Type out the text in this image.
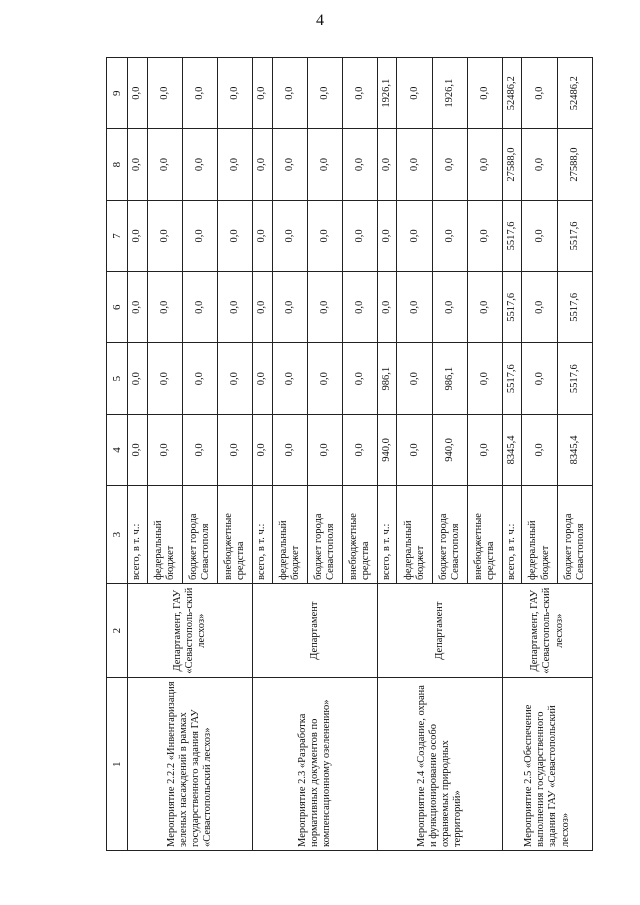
4
1	2	3	4	5	6	7	8	9
Мероприятие 2.2.2 «Инвентаризация зеленых насаждений в рамках государственного задания ГАУ «Севастопольский лесхоз»	Департамент, ГАУ «Севастополь-ский лесхоз»	всего, в т. ч.:	0,0	0,0	0,0	0,0	0,0	0,0
		федеральный бюджет	0,0	0,0	0,0	0,0	0,0	0,0
		бюджет города Севастополя	0,0	0,0	0,0	0,0	0,0	0,0
		внебюджетные средства	0,0	0,0	0,0	0,0	0,0	0,0
Мероприятие 2.3 «Разработка нормативных документов по компенсационному озеленению»	Департамент	всего, в т. ч.:	0,0	0,0	0,0	0,0	0,0	0,0
		федеральный бюджет	0,0	0,0	0,0	0,0	0,0	0,0
		бюджет города Севастополя	0,0	0,0	0,0	0,0	0,0	0,0
		внебюджетные средства	0,0	0,0	0,0	0,0	0,0	0,0
Мероприятие 2.4 «Создание, охрана и функционирование особо охраняемых природных территорий»	Департамент	всего, в т. ч.:	940,0	986,1	0,0	0,0	0,0	1926,1
		федеральный бюджет	0,0	0,0	0,0	0,0	0,0	0,0
		бюджет города Севастополя	940,0	986,1	0,0	0,0	0,0	1926,1
		внебюджетные средства	0,0	0,0	0,0	0,0	0,0	0,0
Мероприятие 2.5 «Обеспечение выполнения государственного задания ГАУ «Севастопольский лесхоз»	Департамент, ГАУ «Севастополь-ский лесхоз»	всего, в т. ч.:	8345,4	5517,6	5517,6	5517,6	27588,0	52486,2
		федеральный бюджет	0,0	0,0	0,0	0,0	0,0	0,0
		бюджет города Севастополя	8345,4	5517,6	5517,6	5517,6	27588,0	52486,2
